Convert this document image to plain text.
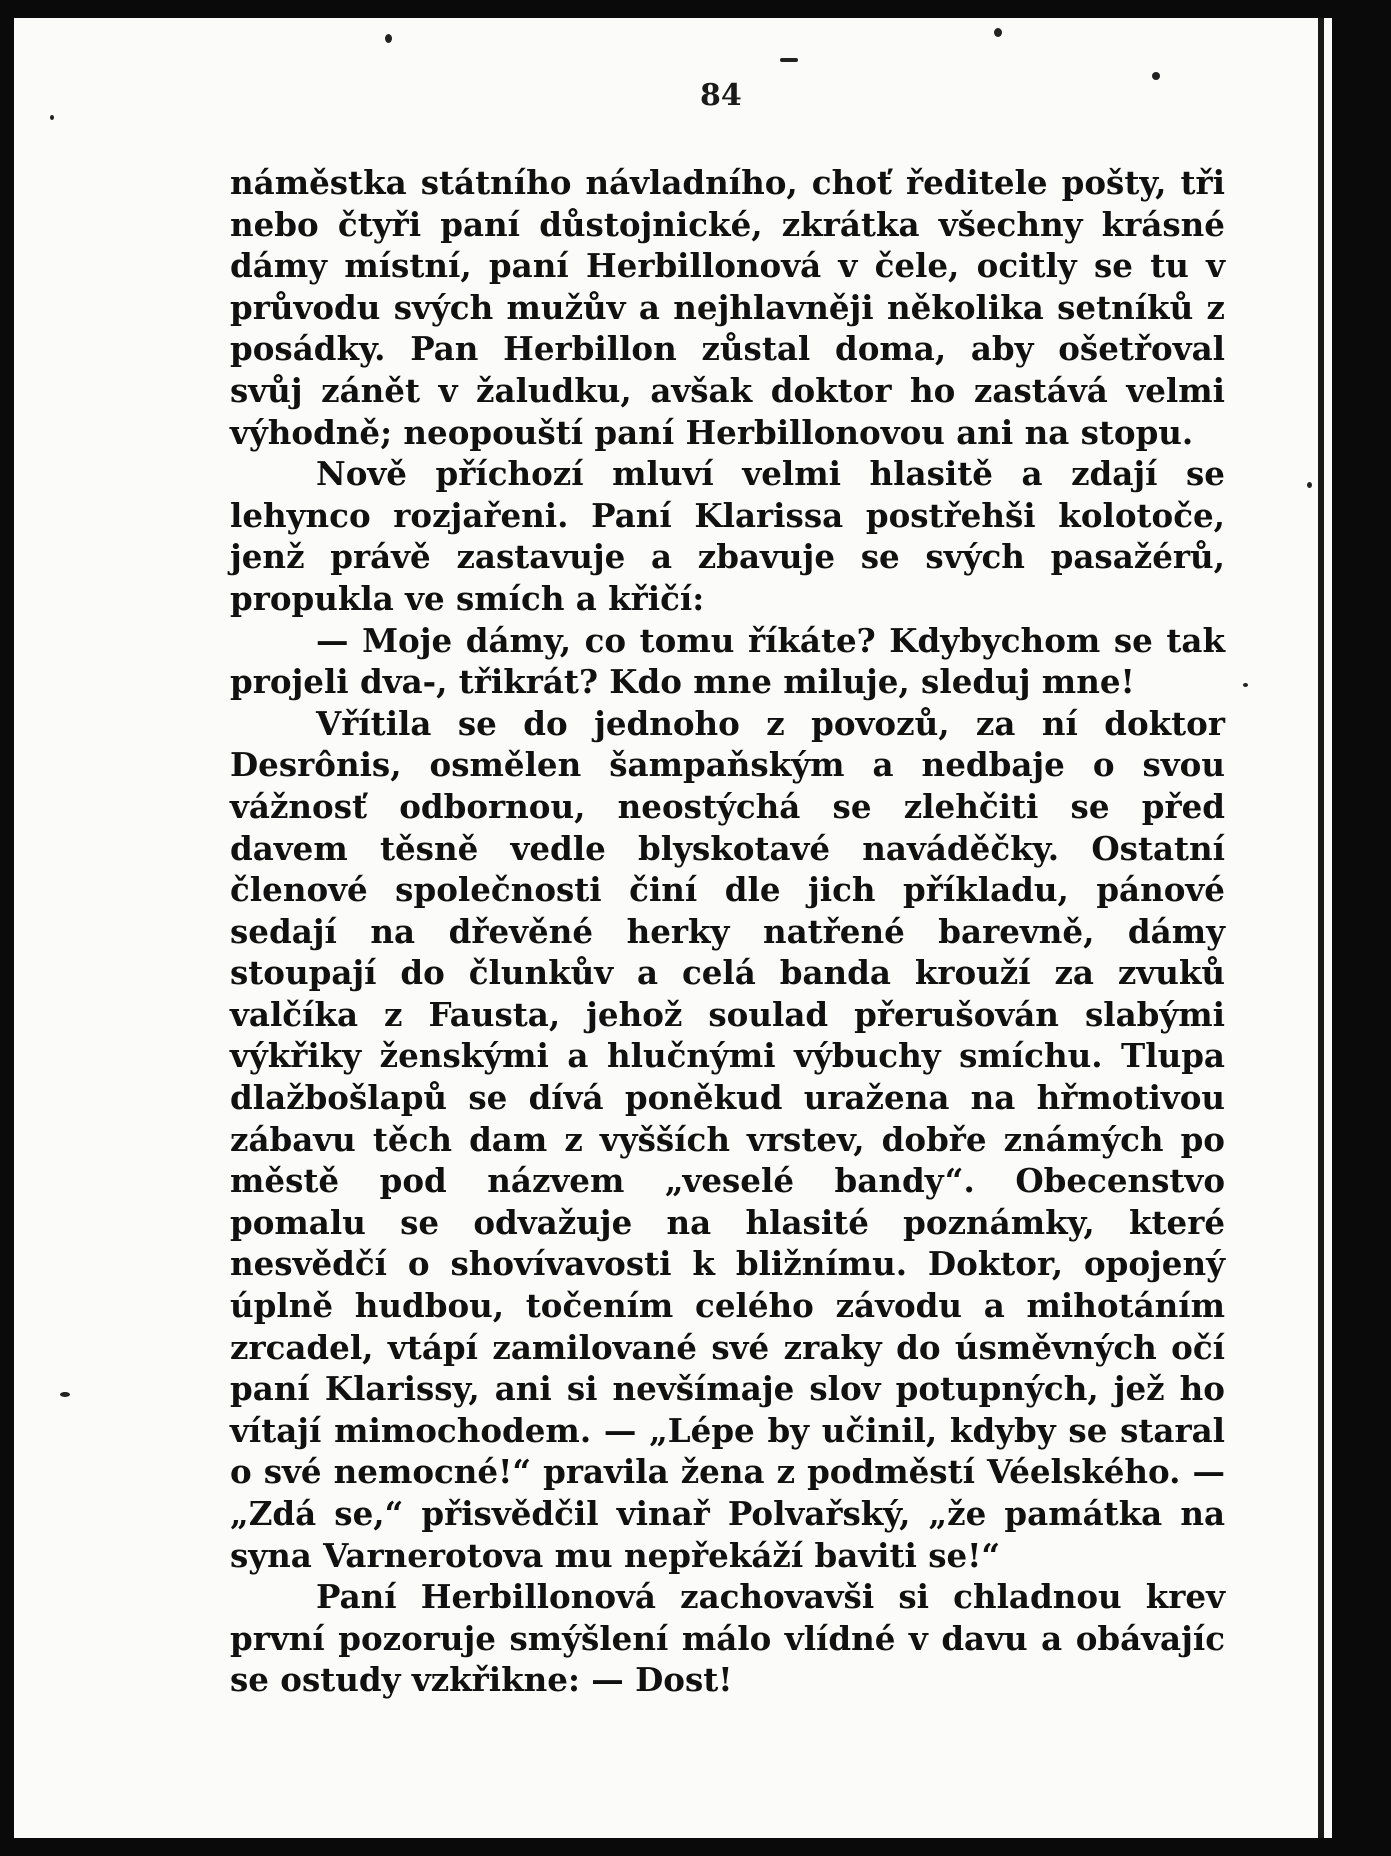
84

náměstka státního návladního, choť ředitele pošty, tři nebo čtyři paní důstojnické, zkrátka všechny krásné dámy místní, paní Herbillonová v čele, ocitly se tu v průvodu svých mužův a nejhlavněji několika setníků z posádky. Pan Herbillon zůstal doma, aby ošetřoval svůj zánět v žaludku, avšak doktor ho zastává velmi výhodně; neopouští paní Herbillonovou ani na stopu.

Nově příchozí mluví velmi hlasitě a zdají se lehynco rozjařeni. Paní Klarissa postřehši kolotoče, jenž právě zastavuje a zbavuje se svých pasažérů, propukla ve smích a křičí:

— Moje dámy, co tomu říkáte? Kdybychom se tak projeli dva-, třikrát? Kdo mne miluje, sleduj mne!

Vřítila se do jednoho z povozů, za ní doktor Desrônis, osmělen šampaňským a nedbaje o svou vážnosť odbornou, neostýchá se zlehčiti se před davem těsně vedle blyskotavé naváděčky. Ostatní členové společnosti činí dle jich příkladu, pánové sedají na dřevěné herky natřené barevně, dámy stoupají do člunkův a celá banda krouží za zvuků valčíka z Fausta, jehož soulad přerušován slabými výkřiky ženskými a hlučnými výbuchy smíchu. Tlupa dlažbošlapů se dívá poněkud uražena na hřmotivou zábavu těch dam z vyšších vrstev, dobře známých po městě pod názvem „veselé bandy“. Obecenstvo pomalu se odvažuje na hlasité poznámky, které nesvědčí o shovívavosti k bližnímu. Doktor, opojený úplně hudbou, točením celého závodu a mihotáním zrcadel, vtápí zamilované své zraky do úsměvných očí paní Klarissy, ani si nevšímaje slov potupných, jež ho vítají mimochodem. — „Lépe by učinil, kdyby se staral o své nemocné!“ pravila žena z podměstí Véelského. — „Zdá se,“ přisvědčil vinař Polvařský, „že památka na syna Varnerotova mu nepřekáží baviti se!“

Paní Herbillonová zachovavši si chladnou krev první pozoruje smýšlení málo vlídné v davu a obávajíc se ostudy vzkřikne: — Dost!
